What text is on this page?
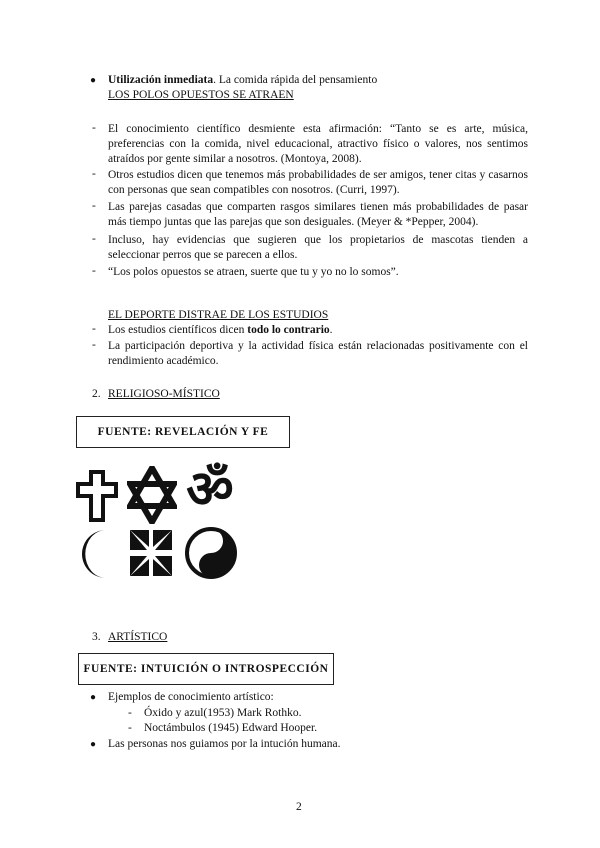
● Utilización inmediata. La comida rápida del pensamiento
LOS POLOS OPUESTOS SE ATRAEN
- El conocimiento científico desmiente esta afirmación: “Tanto se es arte, música, preferencias con la comida, nivel educacional, atractivo físico o valores, nos sentimos atraídos por gente similar a nosotros. (Montoya, 2008).
- Otros estudios dicen que tenemos más probabilidades de ser amigos, tener citas y casarnos con personas que sean compatibles con nosotros. (Curri, 1997).
- Las parejas casadas que comparten rasgos similares tienen más probabilidades de pasar más tiempo juntas que las parejas que son desiguales. (Meyer & *Pepper, 2004).
- Incluso, hay evidencias que sugieren que los propietarios de mascotas tienden a seleccionar perros que se parecen a ellos.
- “Los polos opuestos se atraen, suerte que tu y yo no lo somos”.
EL DEPORTE DISTRAE DE LOS ESTUDIOS
- Los estudios científicos dicen todo lo contrario.
- La participación deportiva y la actividad física están relacionadas positivamente con el rendimiento académico.
2. RELIGIOSO-MÍSTICO
FUENTE: REVELACIÓN Y FE
ॐ
3. ARTÍSTICO
FUENTE: INTUICIÓN O INTROSPECCIÓN
● Ejemplos de conocimiento artístico:
- Óxido y azul(1953) Mark Rothko.
- Noctámbulos (1945) Edward Hooper.
● Las personas nos guiamos por la intución humana.
2
